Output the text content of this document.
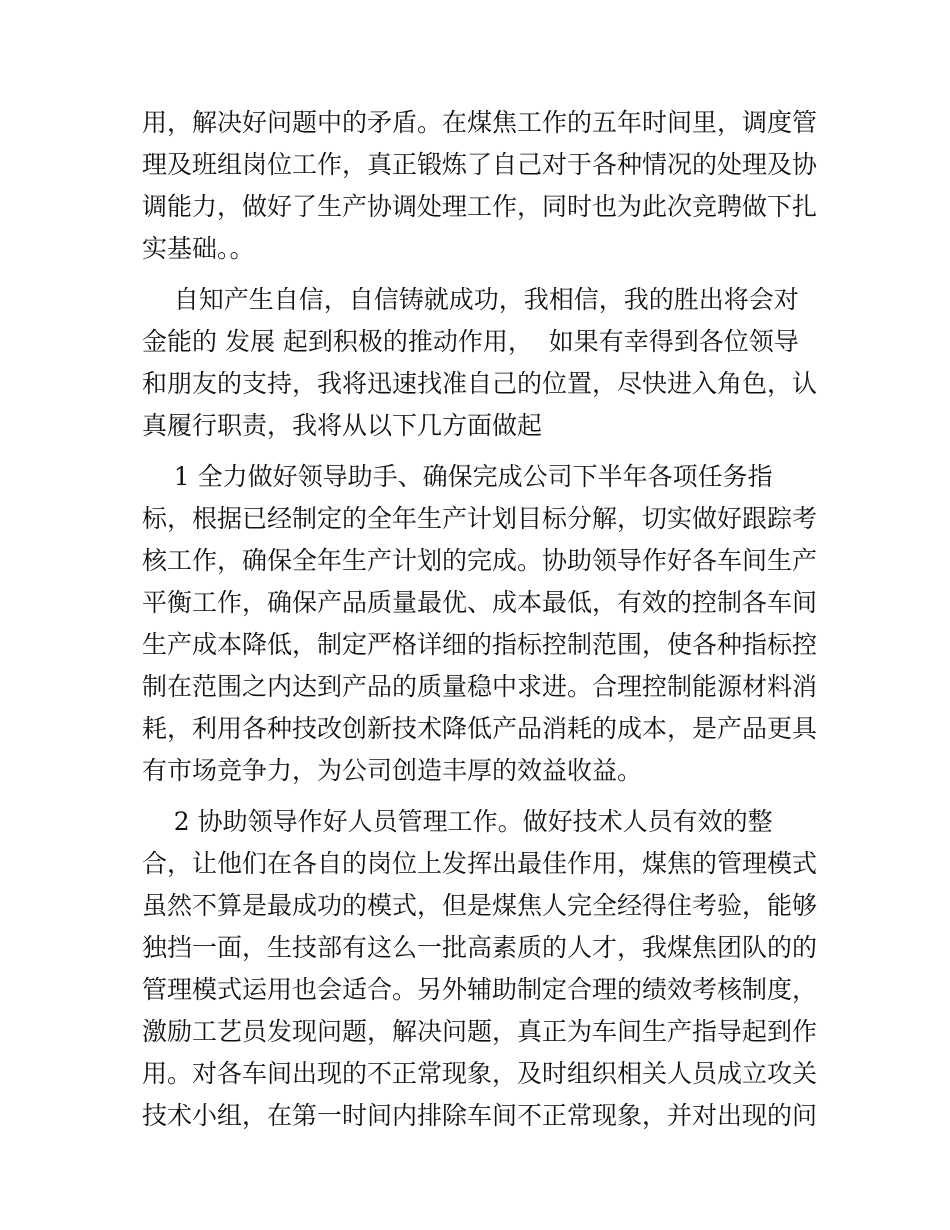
用，解决好问题中的矛盾。在煤焦工作的五年时间里，调度管
理及班组岗位工作，真正锻炼了自己对于各种情况的处理及协
调能力，做好了生产协调处理工作，同时也为此次竞聘做下扎
实基础。。
自知产生自信，自信铸就成功，我相信，我的胜出将会对
金能的 发展 起到积极的推动作用，  如果有幸得到各位领导
和朋友的支持，我将迅速找准自己的位置，尽快进入角色，认
真履行职责，我将从以下几方面做起
1 全力做好领导助手、确保完成公司下半年各项任务指
标，根据已经制定的全年生产计划目标分解，切实做好跟踪考
核工作，确保全年生产计划的完成。协助领导作好各车间生产
平衡工作，确保产品质量最优、成本最低，有效的控制各车间
生产成本降低，制定严格详细的指标控制范围，使各种指标控
制在范围之内达到产品的质量稳中求进。合理控制能源材料消
耗，利用各种技改创新技术降低产品消耗的成本，是产品更具
有市场竞争力，为公司创造丰厚的效益收益。
2 协助领导作好人员管理工作。做好技术人员有效的整
合，让他们在各自的岗位上发挥出最佳作用，煤焦的管理模式
虽然不算是最成功的模式，但是煤焦人完全经得住考验，能够
独挡一面，生技部有这么一批高素质的人才，我煤焦团队的的
管理模式运用也会适合。另外辅助制定合理的绩效考核制度，
激励工艺员发现问题，解决问题，真正为车间生产指导起到作
用。对各车间出现的不正常现象，及时组织相关人员成立攻关
技术小组，在第一时间内排除车间不正常现象，并对出现的问
